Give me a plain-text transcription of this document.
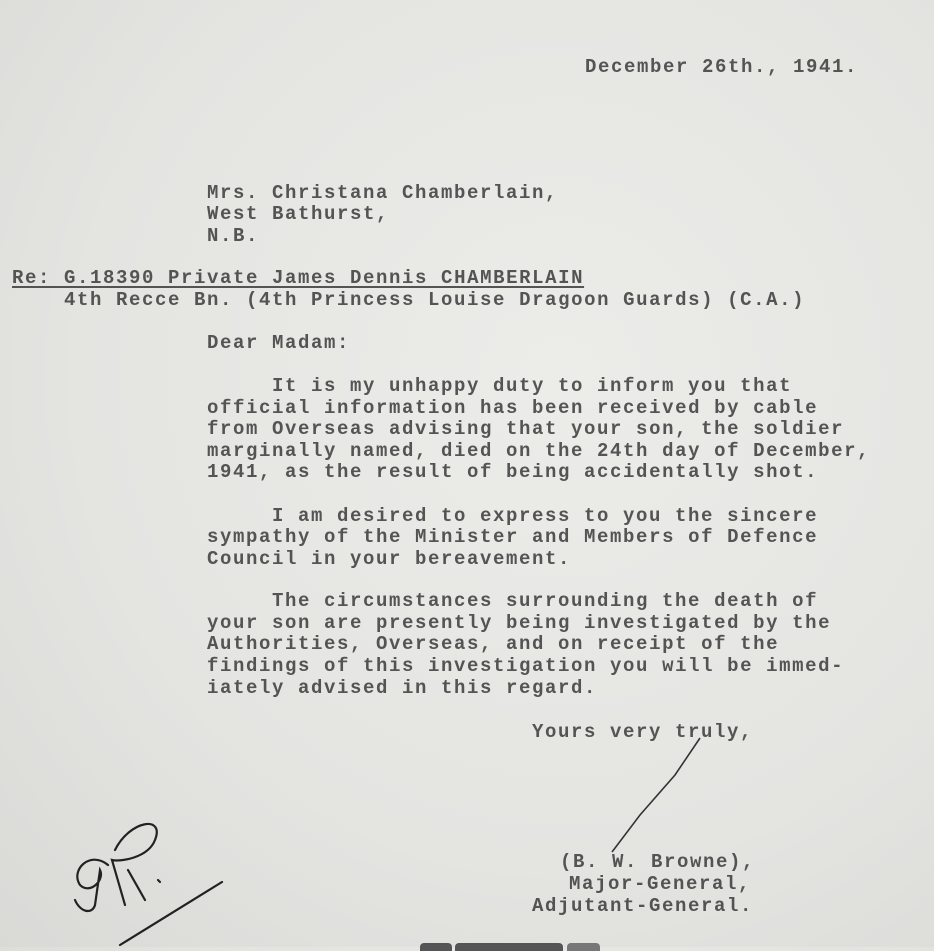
December 26th., 1941.
Mrs. Christana Chamberlain,
West Bathurst,
N.B.
Re: G.18390 Private James Dennis CHAMBERLAIN
4th Recce Bn. (4th Princess Louise Dragoon Guards) (C.A.)
Dear Madam:
It is my unhappy duty to inform you that
official information has been received by cable
from Overseas advising that your son, the soldier
marginally named, died on the 24th day of December,
1941, as the result of being accidentally shot.
I am desired to express to you the sincere
sympathy of the Minister and Members of Defence
Council in your bereavement.
The circumstances surrounding the death of
your son are presently being investigated by the
Authorities, Overseas, and on receipt of the
findings of this investigation you will be immed-
iately advised in this regard.
Yours very truly,
(B. W. Browne),
Major-General,
Adjutant-General.
